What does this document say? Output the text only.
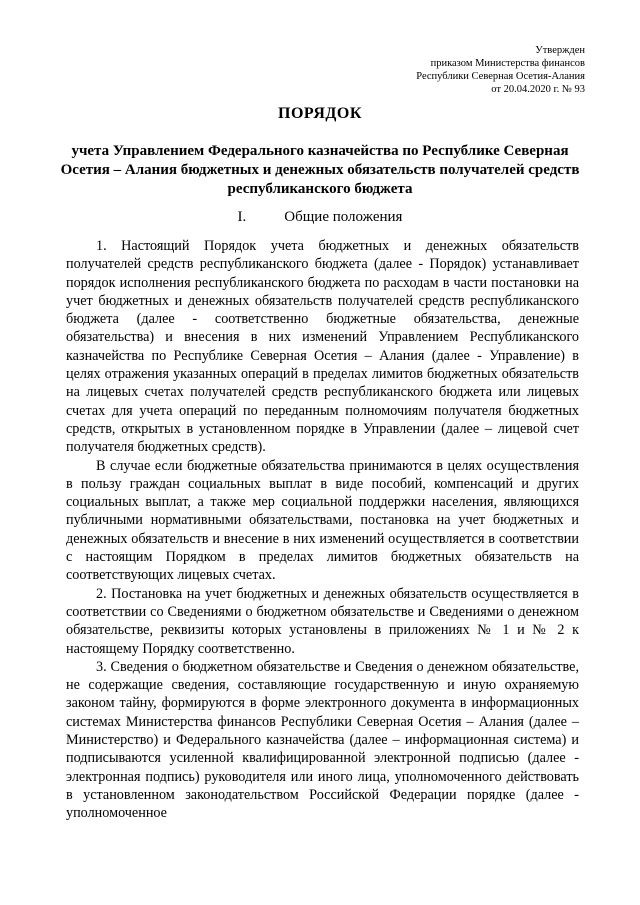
Утвержден
приказом Министерства финансов
Республики Северная Осетия-Алания
от 20.04.2020 г. № 93
ПОРЯДОК
учета Управлением Федерального казначейства по Республике Северная Осетия – Алания бюджетных и денежных обязательств получателей средств республиканского бюджета
I.	Общие положения

1. Настоящий Порядок учета бюджетных и денежных обязательств получателей средств республиканского бюджета (далее - Порядок) устанавливает порядок исполнения республиканского бюджета по расходам в части постановки на учет бюджетных и денежных обязательств получателей средств республиканского бюджета (далее - соответственно бюджетные обязательства, денежные обязательства) и внесения в них изменений Управлением Республиканского казначейства по Республике Северная Осетия – Алания (далее - Управление) в целях отражения указанных операций в пределах лимитов бюджетных обязательств на лицевых счетах получателей средств республиканского бюджета или лицевых счетах для учета операций по переданным полномочиям получателя бюджетных средств, открытых в установленном порядке в Управлении (далее – лицевой счет получателя бюджетных средств).

В случае если бюджетные обязательства принимаются в целях осуществления в пользу граждан социальных выплат в виде пособий, компенсаций и других социальных выплат, а также мер социальной поддержки населения, являющихся публичными нормативными обязательствами, постановка на учет бюджетных и денежных обязательств и внесение в них изменений осуществляется в соответствии с настоящим Порядком в пределах лимитов бюджетных обязательств на соответствующих лицевых счетах.

2. Постановка на учет бюджетных и денежных обязательств осуществляется в соответствии со Сведениями о бюджетном обязательстве и Сведениями о денежном обязательстве, реквизиты которых установлены в приложениях № 1 и № 2 к настоящему Порядку соответственно.

3. Сведения о бюджетном обязательстве и Сведения о денежном обязательстве, не содержащие сведения, составляющие государственную и иную охраняемую законом тайну, формируются в форме электронного документа в информационных системах Министерства финансов Республики Северная Осетия – Алания (далее – Министерство) и Федерального казначейства (далее – информационная система) и подписываются усиленной квалифицированной электронной подписью (далее - электронная подпись) руководителя или иного лица, уполномоченного действовать в установленном законодательством Российской Федерации порядке (далее - уполномоченное
